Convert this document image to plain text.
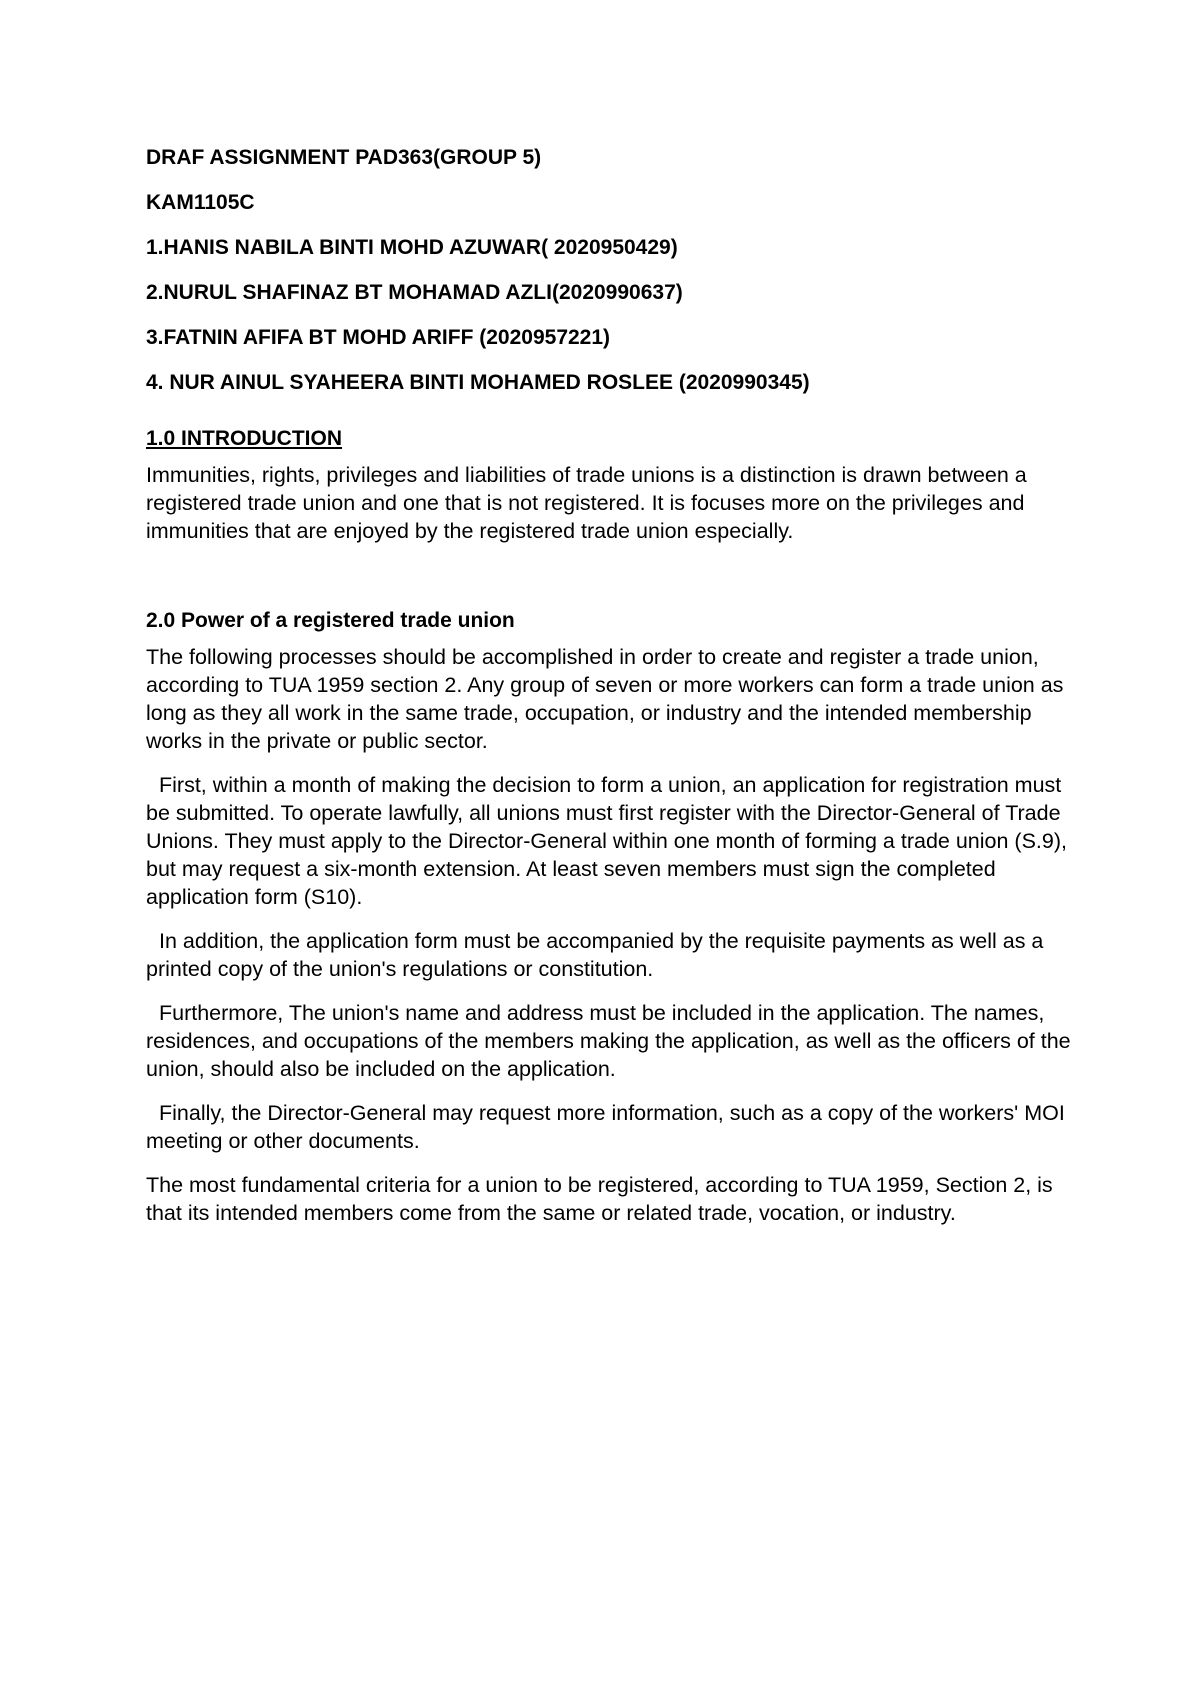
DRAF ASSIGNMENT PAD363(GROUP 5)
KAM1105C
1.HANIS NABILA BINTI MOHD AZUWAR( 2020950429)
2.NURUL SHAFINAZ BT MOHAMAD AZLI(2020990637)
3.FATNIN AFIFA BT MOHD ARIFF (2020957221)
4. NUR AINUL SYAHEERA BINTI MOHAMED ROSLEE (2020990345)
1.0 INTRODUCTION

Immunities, rights, privileges and liabilities of trade unions is a distinction is drawn between a registered trade union and one that is not registered. It is focuses more on the privileges and immunities that are enjoyed by the registered trade union especially.

2.0 Power of a registered trade union

The following processes should be accomplished in order to create and register a trade union, according to TUA 1959 section 2. Any group of seven or more workers can form a trade union as long as they all work in the same trade, occupation, or industry and the intended membership works in the private or public sector.

First, within a month of making the decision to form a union, an application for registration must be submitted. To operate lawfully, all unions must first register with the Director-General of Trade Unions. They must apply to the Director-General within one month of forming a trade union (S.9), but may request a six-month extension. At least seven members must sign the completed application form (S10).

In addition, the application form must be accompanied by the requisite payments as well as a printed copy of the union's regulations or constitution.

Furthermore, The union's name and address must be included in the application. The names, residences, and occupations of the members making the application, as well as the officers of the union, should also be included on the application.

Finally, the Director-General may request more information, such as a copy of the workers' MOI meeting or other documents.

The most fundamental criteria for a union to be registered, according to TUA 1959, Section 2, is that its intended members come from the same or related trade, vocation, or industry.
